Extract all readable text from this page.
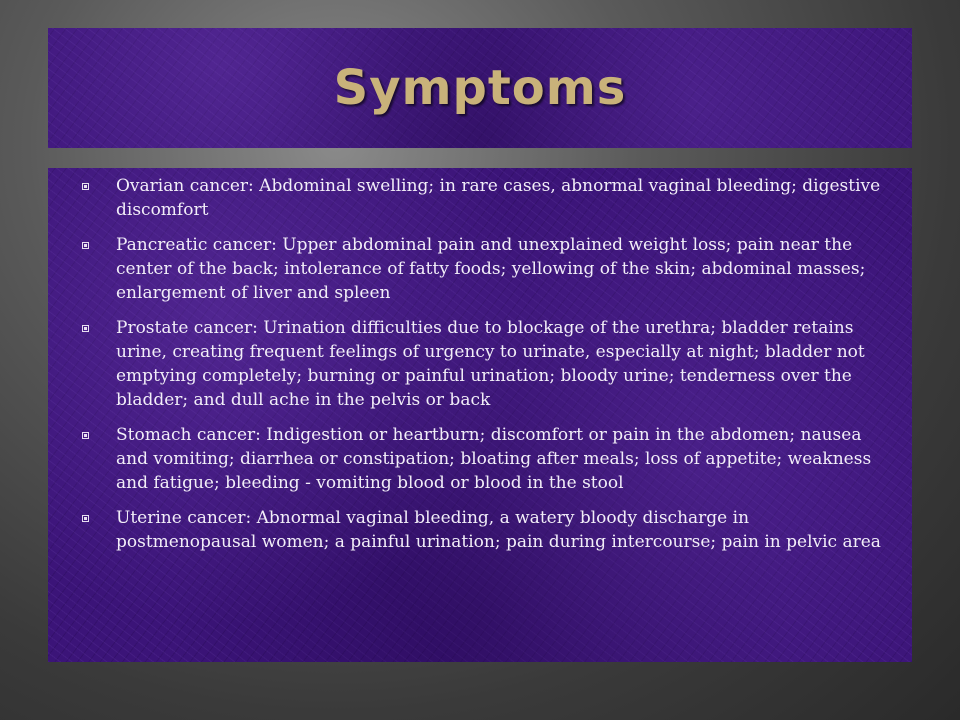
Symptoms
Ovarian cancer: Abdominal swelling; in rare cases, abnormal vaginal bleeding; digestive discomfort
Pancreatic cancer: Upper abdominal pain and unexplained weight loss; pain near the center of the back; intolerance of fatty foods; yellowing of the skin; abdominal masses; enlargement of liver and spleen
Prostate cancer: Urination difficulties due to blockage of the urethra; bladder retains urine, creating frequent feelings of urgency to urinate, especially at night; bladder not emptying completely; burning or painful urination; bloody urine; tenderness over the bladder; and dull ache in the pelvis or back
Stomach cancer: Indigestion or heartburn; discomfort or pain in the abdomen; nausea and vomiting; diarrhea or constipation; bloating after meals; loss of appetite; weakness and fatigue; bleeding - vomiting blood or blood in the stool
Uterine cancer: Abnormal vaginal bleeding, a watery bloody discharge in postmenopausal women; a painful urination; pain during intercourse; pain in pelvic area
